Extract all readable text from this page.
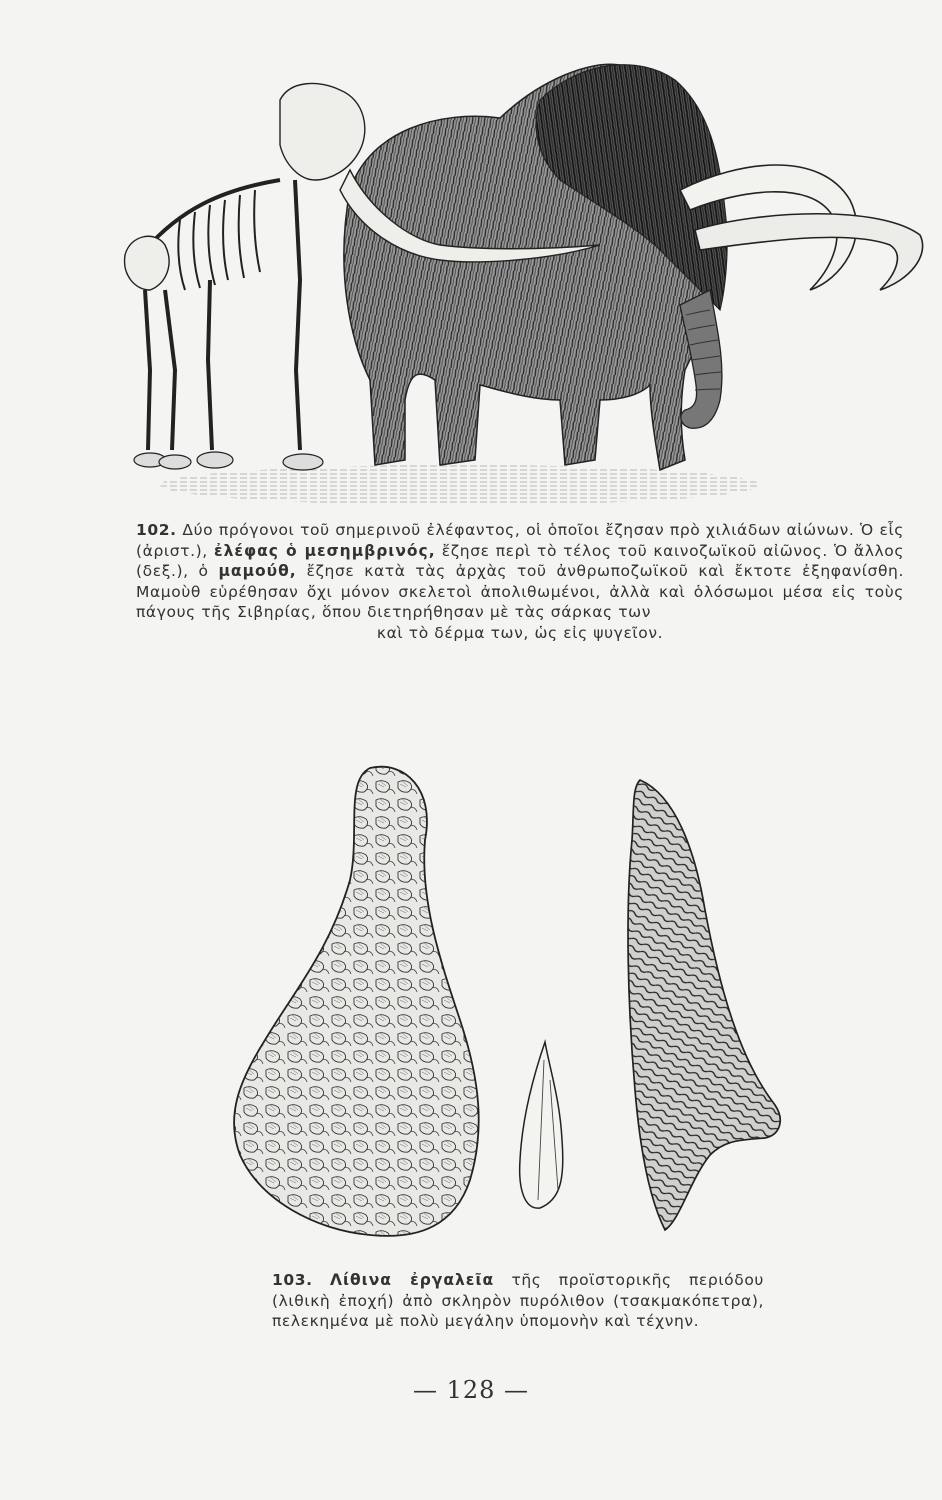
102. Δύο πρόγονοι τοῦ σημερινοῦ ἐλέφαντος, οἱ ὁποῖοι ἔζησαν πρὸ χιλιάδων αἰώνων. Ὁ εἷς (ἀριστ.), ἐλέφας ὁ μεσημβρινός, ἔζησε περὶ τὸ τέλος τοῦ καινοζωϊκοῦ αἰῶνος. Ὁ ἄλλος (δεξ.), ὁ μαμούθ, ἔζησε κατὰ τὰς ἀρχὰς τοῦ ἀνθρωποζωϊκοῦ καὶ ἔκτοτε ἐξηφανίσθη. Μαμοὺθ εὑρέθησαν ὄχι μόνον σκελετοὶ ἀπολιθωμένοι, ἀλλὰ καὶ ὁλόσωμοι μέσα εἰς τοὺς πάγους τῆς Σιβηρίας, ὅπου διετηρήθησαν μὲ τὰς σάρκας των
καὶ τὸ δέρμα των, ὡς εἰς ψυγεῖον.
103. Λίθινα ἐργαλεῖα τῆς προϊστορικῆς περιόδου (λιθικὴ ἐποχή) ἀπὸ σκληρὸν πυρόλιθον (τσακμακόπετρα), πελεκημένα μὲ πολὺ μεγάλην ὑπομονὴν καὶ τέχνην.
— 128 —
